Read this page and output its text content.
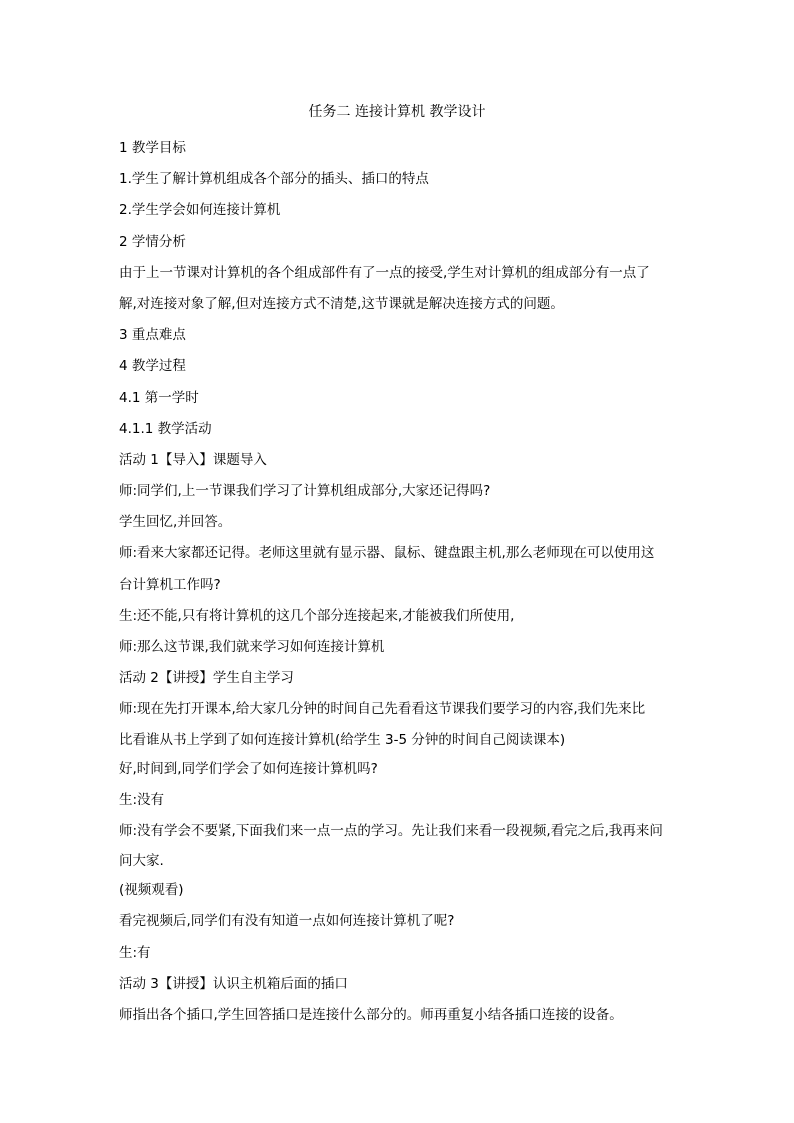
任务二 连接计算机 教学设计
1 教学目标
1.学生了解计算机组成各个部分的插头、插口的特点
2.学生学会如何连接计算机
2 学情分析
由于上一节课对计算机的各个组成部件有了一点的接受,学生对计算机的组成部分有一点了
解,对连接对象了解,但对连接方式不清楚,这节课就是解决连接方式的问题。
3 重点难点
4 教学过程
4.1 第一学时
4.1.1 教学活动
活动 1【导入】课题导入
师:同学们,上一节课我们学习了计算机组成部分,大家还记得吗?
学生回忆,并回答。
师:看来大家都还记得。老师这里就有显示器、鼠标、键盘跟主机,那么老师现在可以使用这
台计算机工作吗?
生:还不能,只有将计算机的这几个部分连接起来,才能被我们所使用,
师:那么这节课,我们就来学习如何连接计算机
活动 2【讲授】学生自主学习
师:现在先打开课本,给大家几分钟的时间自己先看看这节课我们要学习的内容,我们先来比
比看谁从书上学到了如何连接计算机(给学生 3-5 分钟的时间自己阅读课本)
好,时间到,同学们学会了如何连接计算机吗?
生:没有
师:没有学会不要紧,下面我们来一点一点的学习。先让我们来看一段视频,看完之后,我再来问
问大家.
(视频观看)
看完视频后,同学们有没有知道一点如何连接计算机了呢?
生:有
活动 3【讲授】认识主机箱后面的插口
师指出各个插口,学生回答插口是连接什么部分的。师再重复小结各插口连接的设备。
